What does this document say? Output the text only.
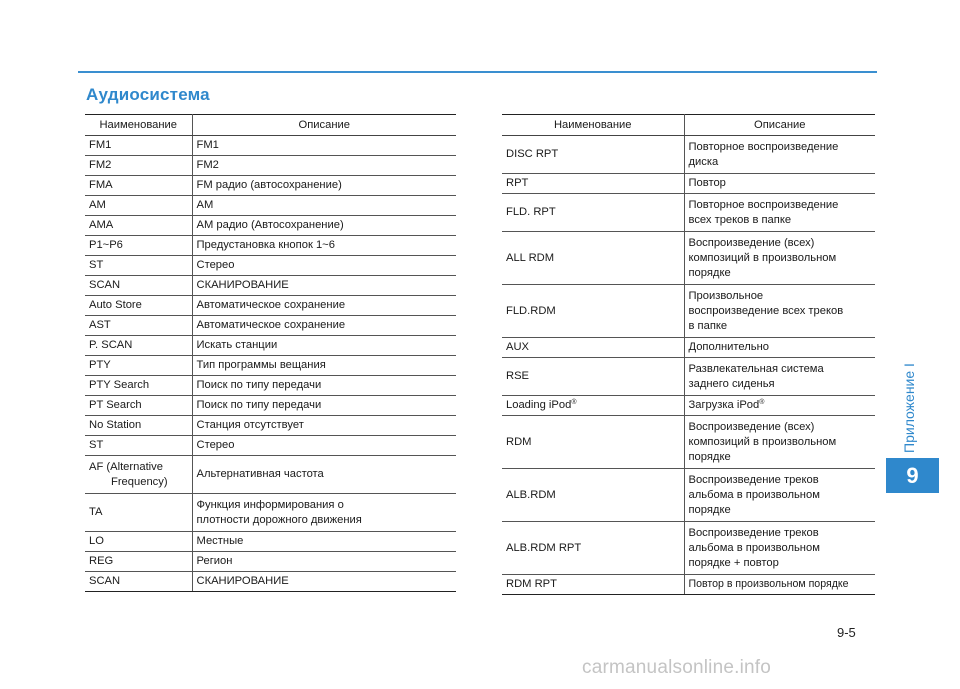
Аудиосистема
Наименование	Описание
FM1	FM1
FM2	FM2
FMA	FM радио (автосохранение)
AM	AM
AMA	AM радио (Автосохранение)
P1~P6	Предустановка кнопок 1~6
ST	Стерео
SCAN	СКАНИРОВАНИЕ
Auto Store	Автоматическое сохранение
AST	Автоматическое сохранение
P. SCAN	Искать станции
PTY	Тип программы вещания
PTY Search	Поиск по типу передачи
PT Search	Поиск по типу передачи
No Station	Станция отсутствует
ST	Стерео
AF (Alternative
Frequency)	Альтернативная частота
TA	Функция информирования о
плотности дорожного движения
LO	Местные
REG	Регион
SCAN	СКАНИРОВАНИЕ
Наименование	Описание
DISC RPT	Повторное воспроизведение
диска
RPT	Повтор
FLD. RPT	Повторное воспроизведение
всех треков в папке
ALL RDM	Воспроизведение (всех)
композиций в произвольном
порядке
FLD.RDM	Произвольное
воспроизведение всех треков
в папке
AUX	Дополнительно
RSE	Развлекательная система
заднего сиденья
Loading iPod®	Загрузка iPod®
RDM	Воспроизведение (всех)
композиций в произвольном
порядке
ALB.RDM	Воспроизведение треков
альбома в произвольном
порядке
ALB.RDM RPT	Воспроизведение треков
альбома в произвольном
порядке + повтор
RDM RPT	Повтор в произвольном порядке
Приложение I
9
9-5
carmanualsonline.info
